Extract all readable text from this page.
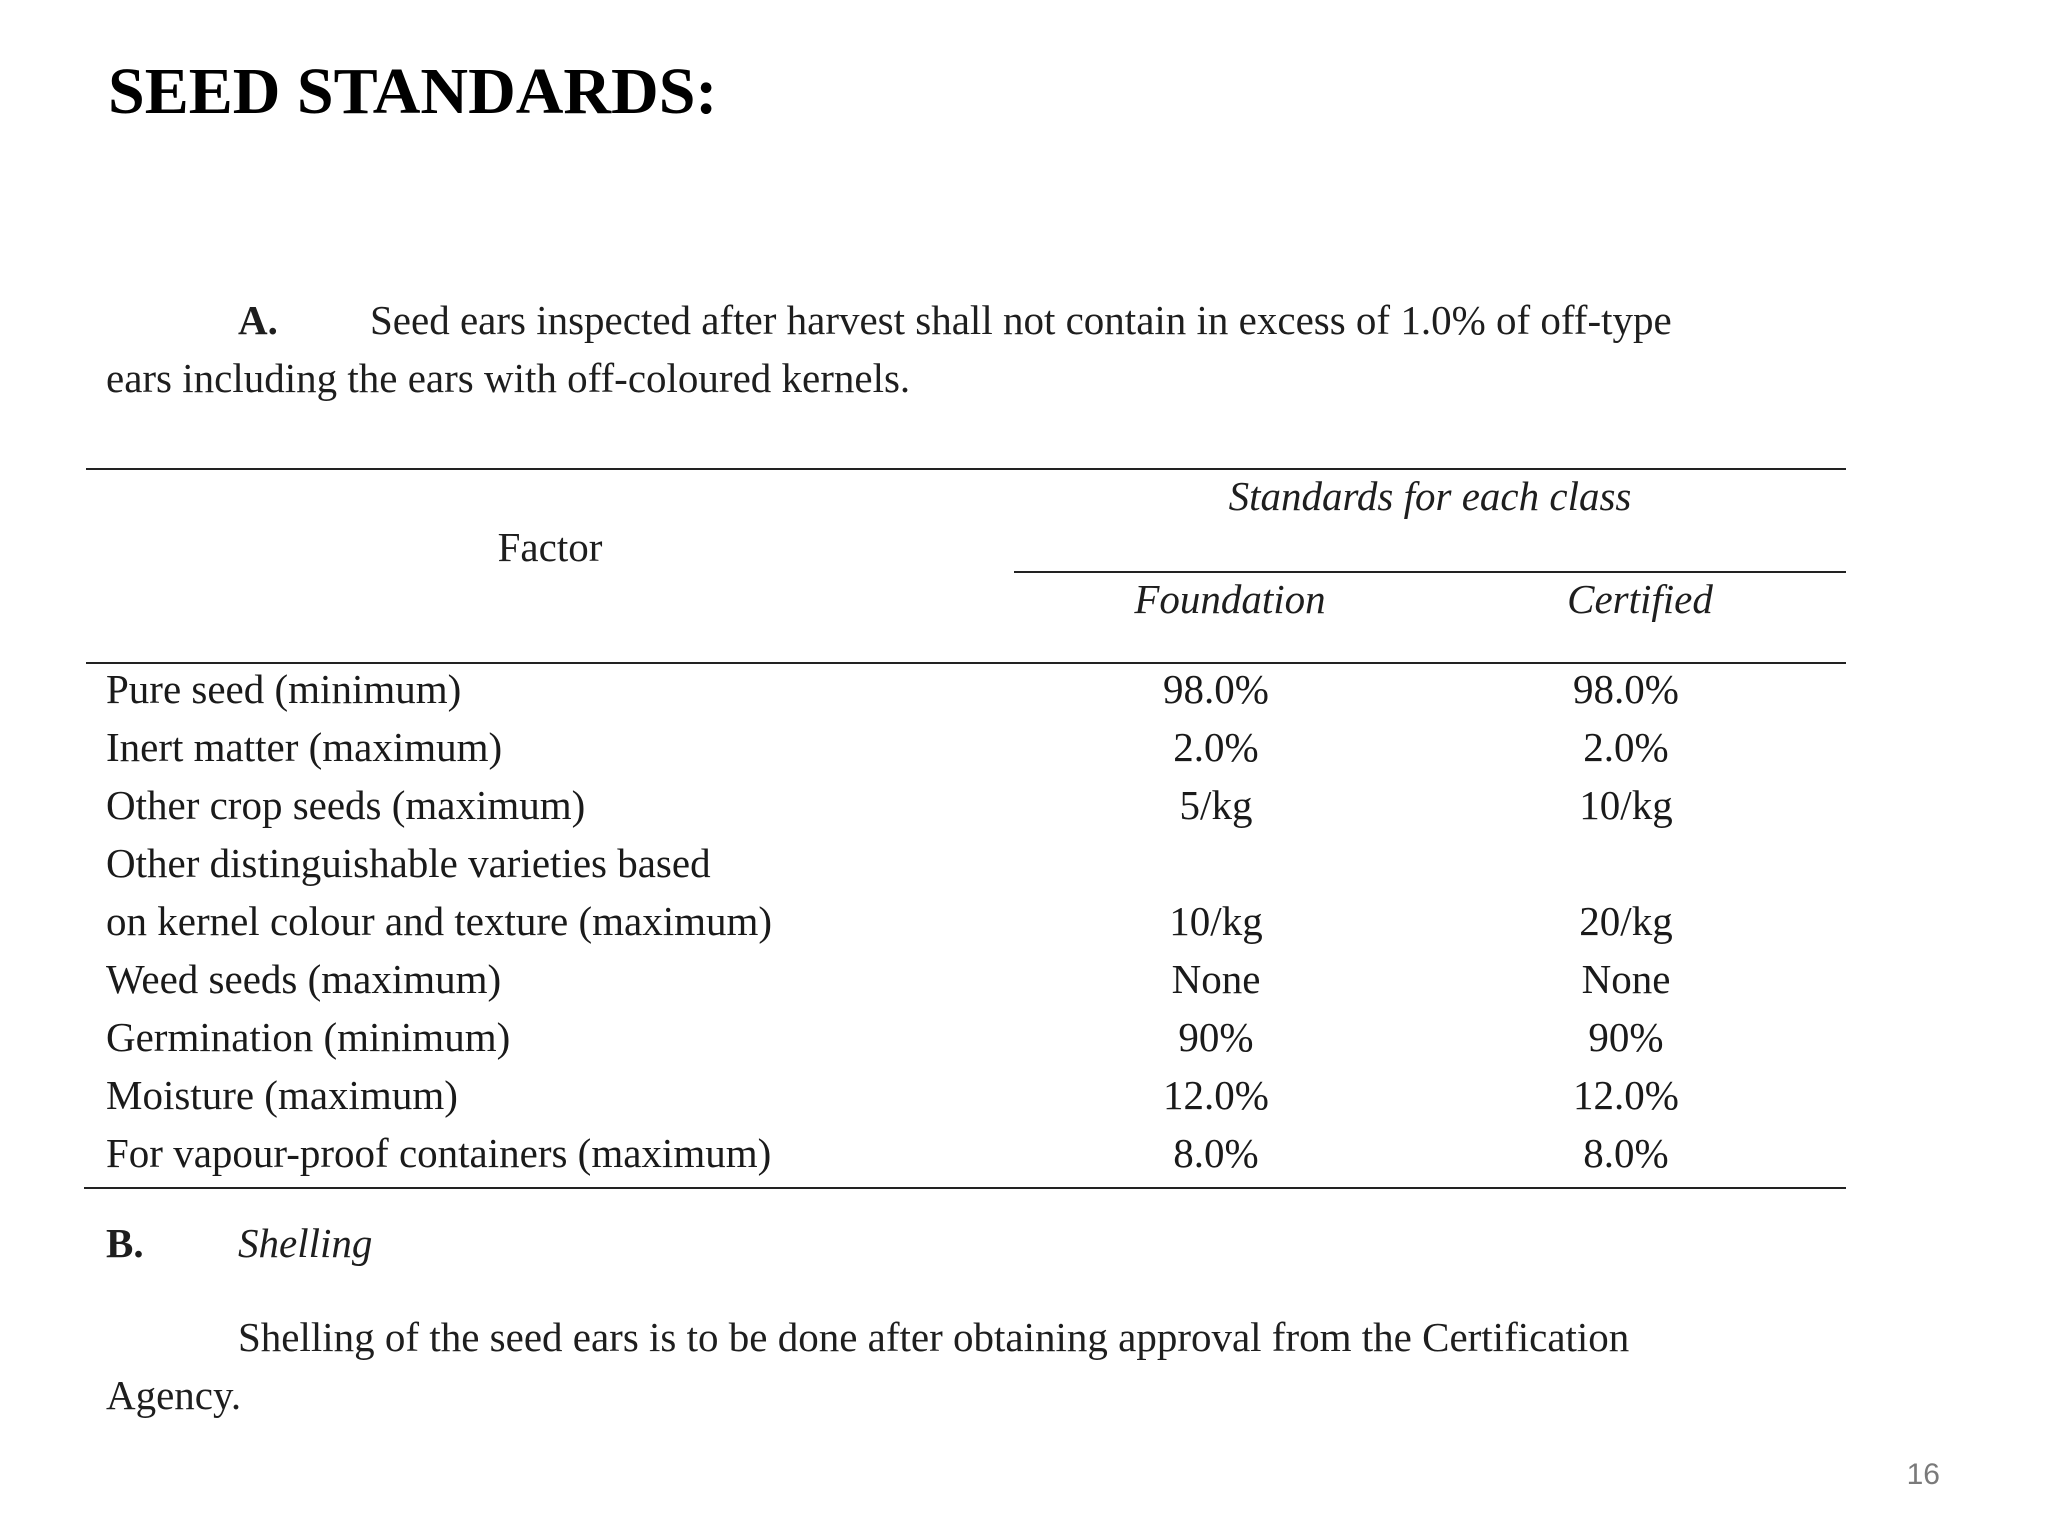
SEED STANDARDS:
A. Seed ears inspected after harvest shall not contain in excess of 1.0% of off-type
ears including the ears with off-coloured kernels.
Factor
Standards for each class
Foundation	Certified
Pure seed (minimum)	98.0%	98.0%
Inert matter (maximum)	2.0%	2.0%
Other crop seeds (maximum)	5/kg	10/kg
Other distinguishable varieties based
on kernel colour and texture (maximum)	10/kg	20/kg
Weed seeds (maximum)	None	None
Germination (minimum)	90%	90%
Moisture (maximum)	12.0%	12.0%
For vapour-proof containers (maximum)	8.0%	8.0%
B. Shelling
Shelling of the seed ears is to be done after obtaining approval from the Certification
Agency.
16
